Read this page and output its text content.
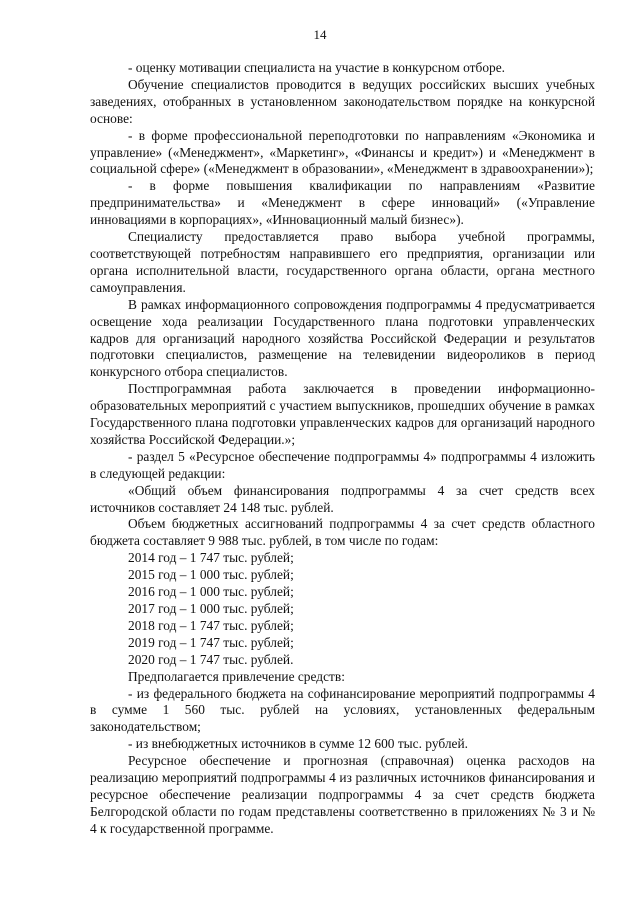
14

- оценку мотивации специалиста на участие в конкурсном отборе.

Обучение специалистов проводится в ведущих российских высших учебных заведениях, отобранных в установленном законодательством порядке на конкурсной основе:

- в форме профессиональной переподготовки по направлениям «Экономика и управление» («Менеджмент», «Маркетинг», «Финансы и кредит») и «Менеджмент в социальной сфере» («Менеджмент в образовании», «Менеджмент в здравоохранении»);

- в форме повышения квалификации по направлениям «Развитие предпринимательства» и «Менеджмент в сфере инноваций» («Управление инновациями в корпорациях», «Инновационный малый бизнес»).

Специалисту предоставляется право выбора учебной программы, соответствующей потребностям направившего его предприятия, организации или органа исполнительной власти, государственного органа области, органа местного самоуправления.

В рамках информационного сопровождения подпрограммы 4 предусматривается освещение хода реализации Государственного плана подготовки управленческих кадров для организаций народного хозяйства Российской Федерации и результатов подготовки специалистов, размещение на телевидении видеороликов в период конкурсного отбора специалистов.

Постпрограммная работа заключается в проведении информационно-образовательных мероприятий с участием выпускников, прошедших обучение в рамках Государственного плана подготовки управленческих кадров для организаций народного хозяйства Российской Федерации.»;

- раздел 5 «Ресурсное обеспечение подпрограммы 4» подпрограммы 4 изложить в следующей редакции:

«Общий объем финансирования подпрограммы 4 за счет средств всех источников составляет 24 148 тыс. рублей.

Объем бюджетных ассигнований подпрограммы 4 за счет средств областного бюджета составляет 9 988 тыс. рублей, в том числе по годам:

2014 год – 1 747 тыс. рублей;

2015 год – 1 000 тыс. рублей;

2016 год – 1 000 тыс. рублей;

2017 год – 1 000 тыс. рублей;

2018 год – 1 747 тыс. рублей;

2019 год – 1 747 тыс. рублей;

2020 год – 1 747 тыс. рублей.

Предполагается привлечение средств:

- из федерального бюджета на софинансирование мероприятий подпрограммы 4 в сумме 1 560 тыс. рублей на условиях, установленных федеральным законодательством;

- из внебюджетных источников в сумме 12 600 тыс. рублей.

Ресурсное обеспечение и прогнозная (справочная) оценка расходов на реализацию мероприятий подпрограммы 4 из различных источников финансирования и ресурсное обеспечение реализации подпрограммы 4 за счет средств бюджета Белгородской области по годам представлены соответственно в приложениях № 3 и № 4 к государственной программе.
